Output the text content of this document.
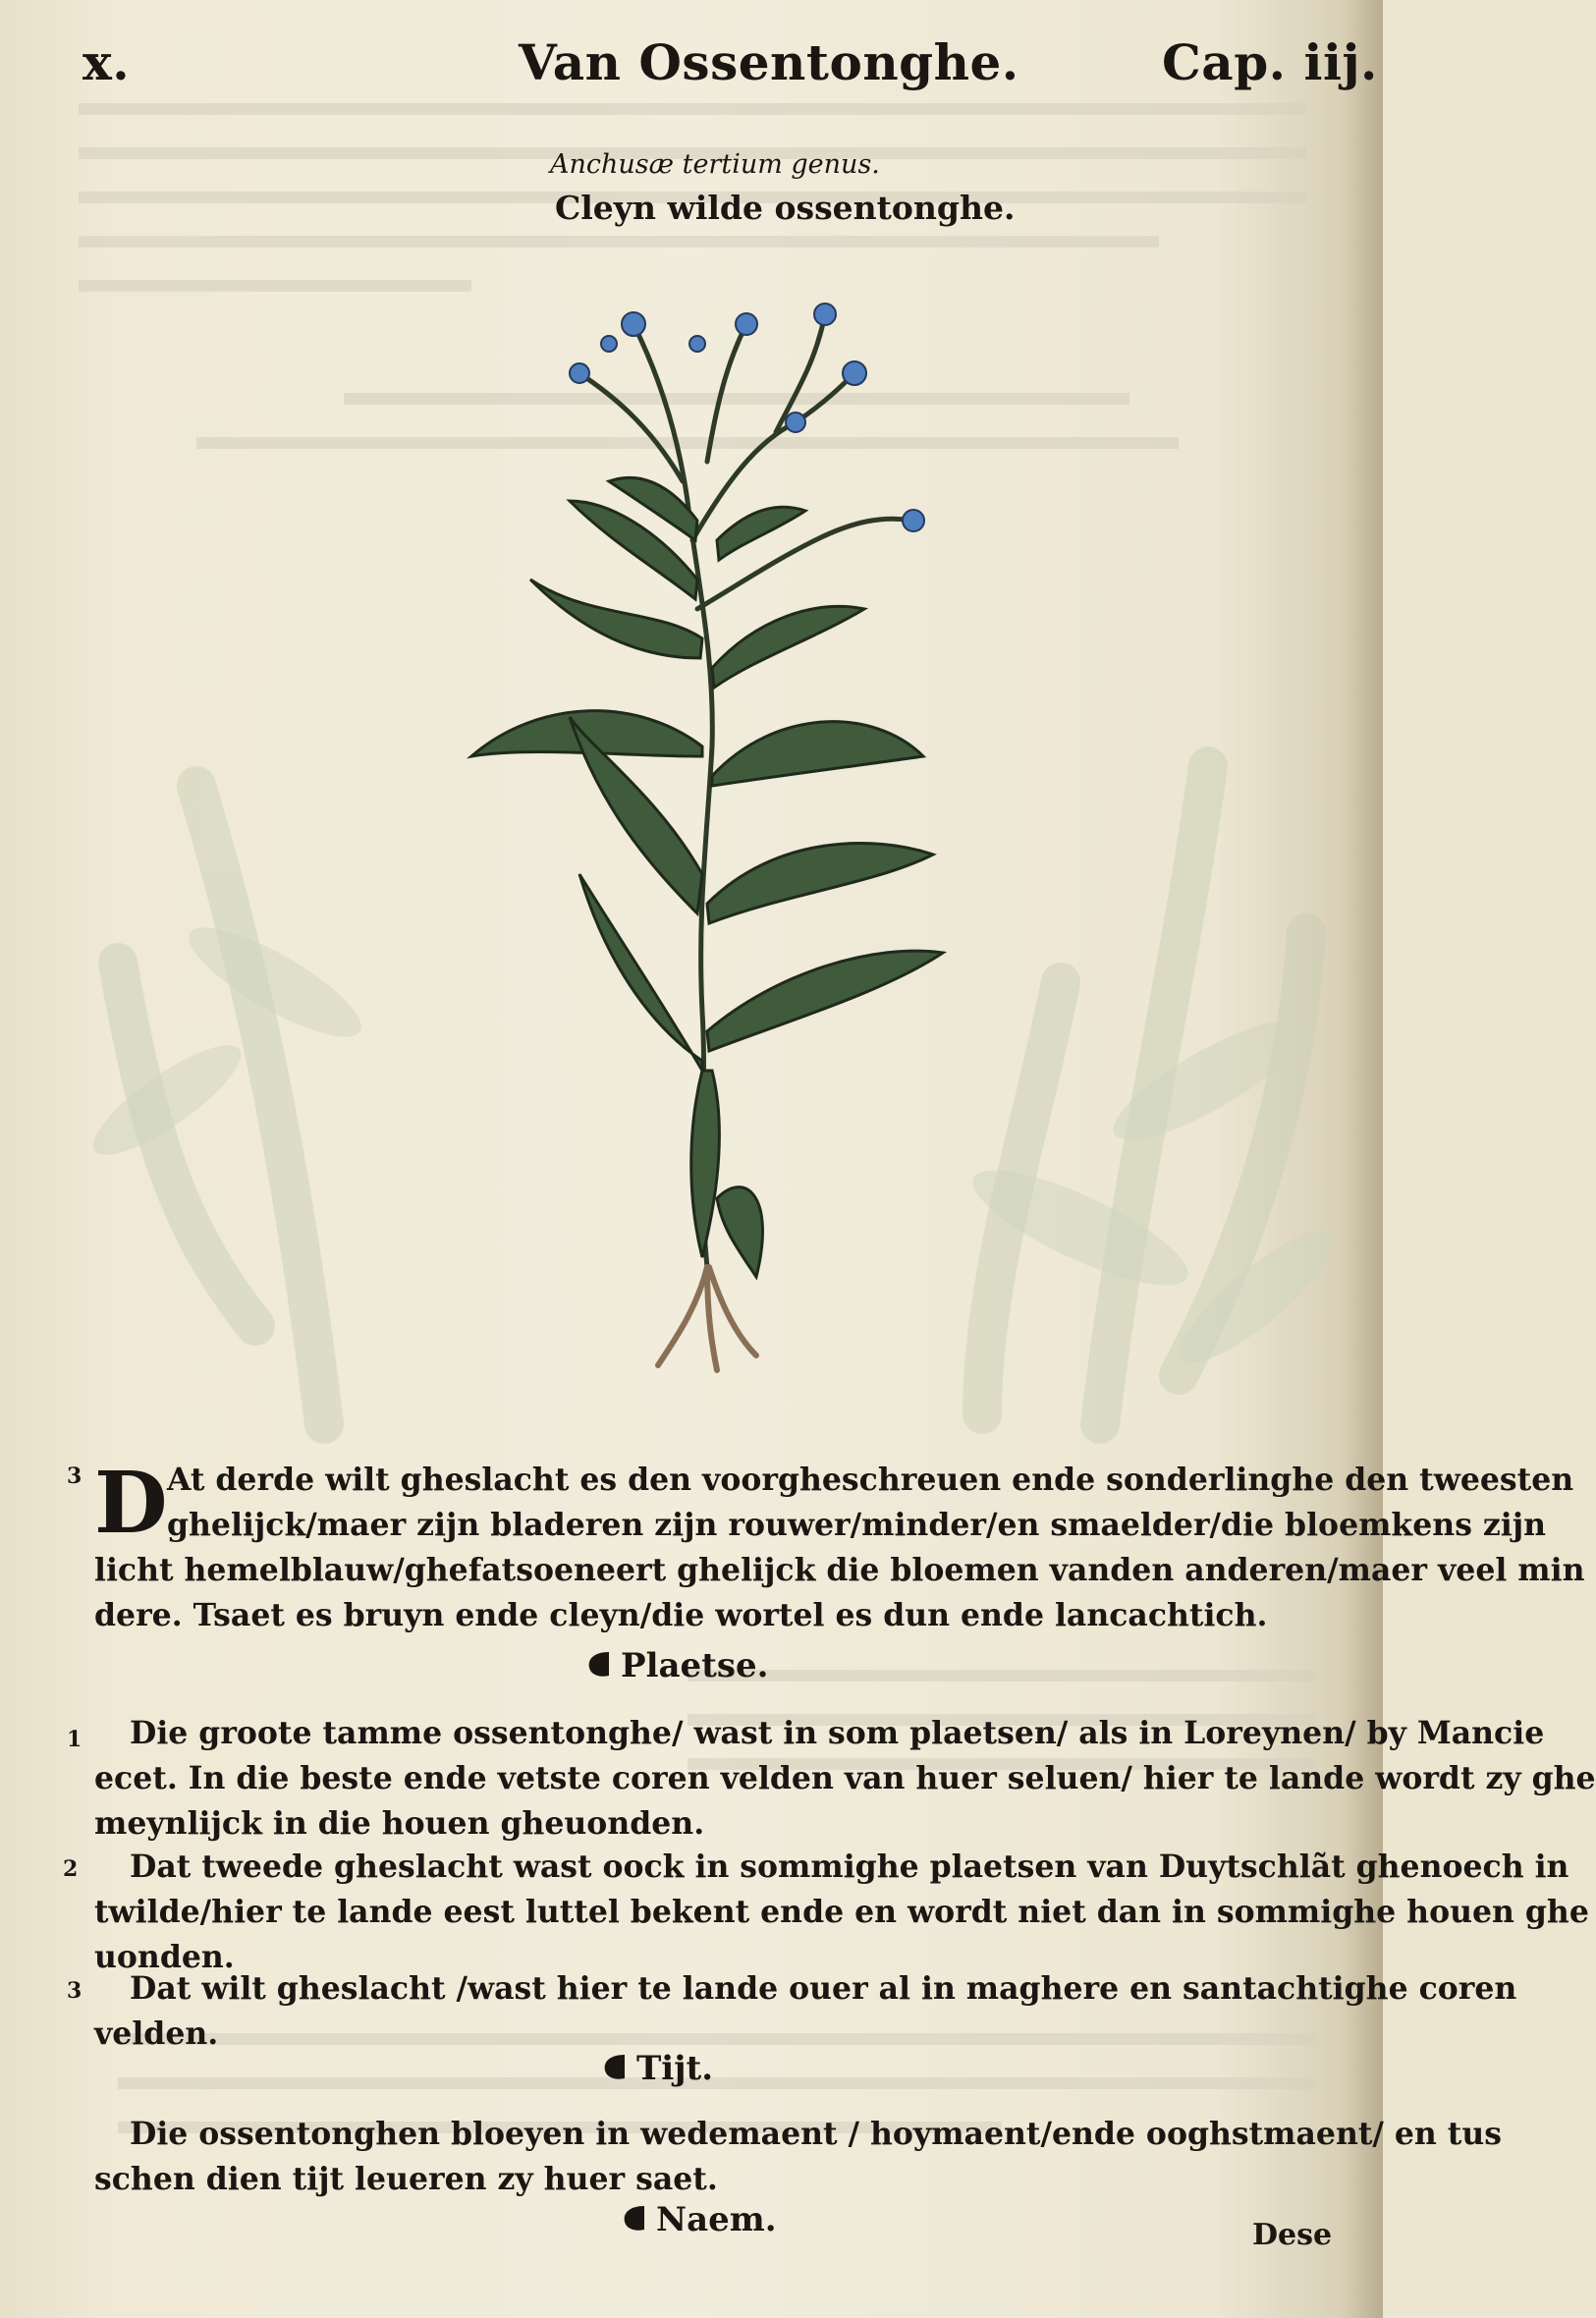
x.	Van Ossentonghe.	Cap. iij.
Anchusæ tertium genus.
Cleyn wilde ossentonghe.
3 D At derde wilt gheslacht es den voorgheschreuen ende sonderlinghe den tweesten
ghelijck/maer zijn bladeren zijn rouwer/minder/en smaelder/die bloemkens zijn
licht hemelblauw/ghefatsoeneert ghelijck die bloemen vanden anderen/maer veel min
dere. Tsaet es bruyn ende cleyn/die wortel es dun ende lancachtich.
Plaetse.
1 Die grootе tamme ossentonghe/ wast in som plaetsen/ als in Loreynen/ by Mancie
ecet. In die beste ende vetste coren velden van huer seluen/ hier te lande wordt zy ghe
meynlijck in die houen gheuonden.
2 Dat tweede gheslacht wast oock in sommighe plaetsen van Duytschlãt ghenoech in
twilde/hier te lande eest luttel bekent ende en wordt niet dan in sommighe houen ghe
uonden.
3 Dat wilt gheslacht /wast hier te lande ouer al in maghere en santachtighe coren
velden.
Tijt.
Die ossentonghen bloeyen in wedemaent / hoymaent/ende ooghstmaent/ en tus
schen dien tijt leueren zy huer saet.
Naem.	Dese
